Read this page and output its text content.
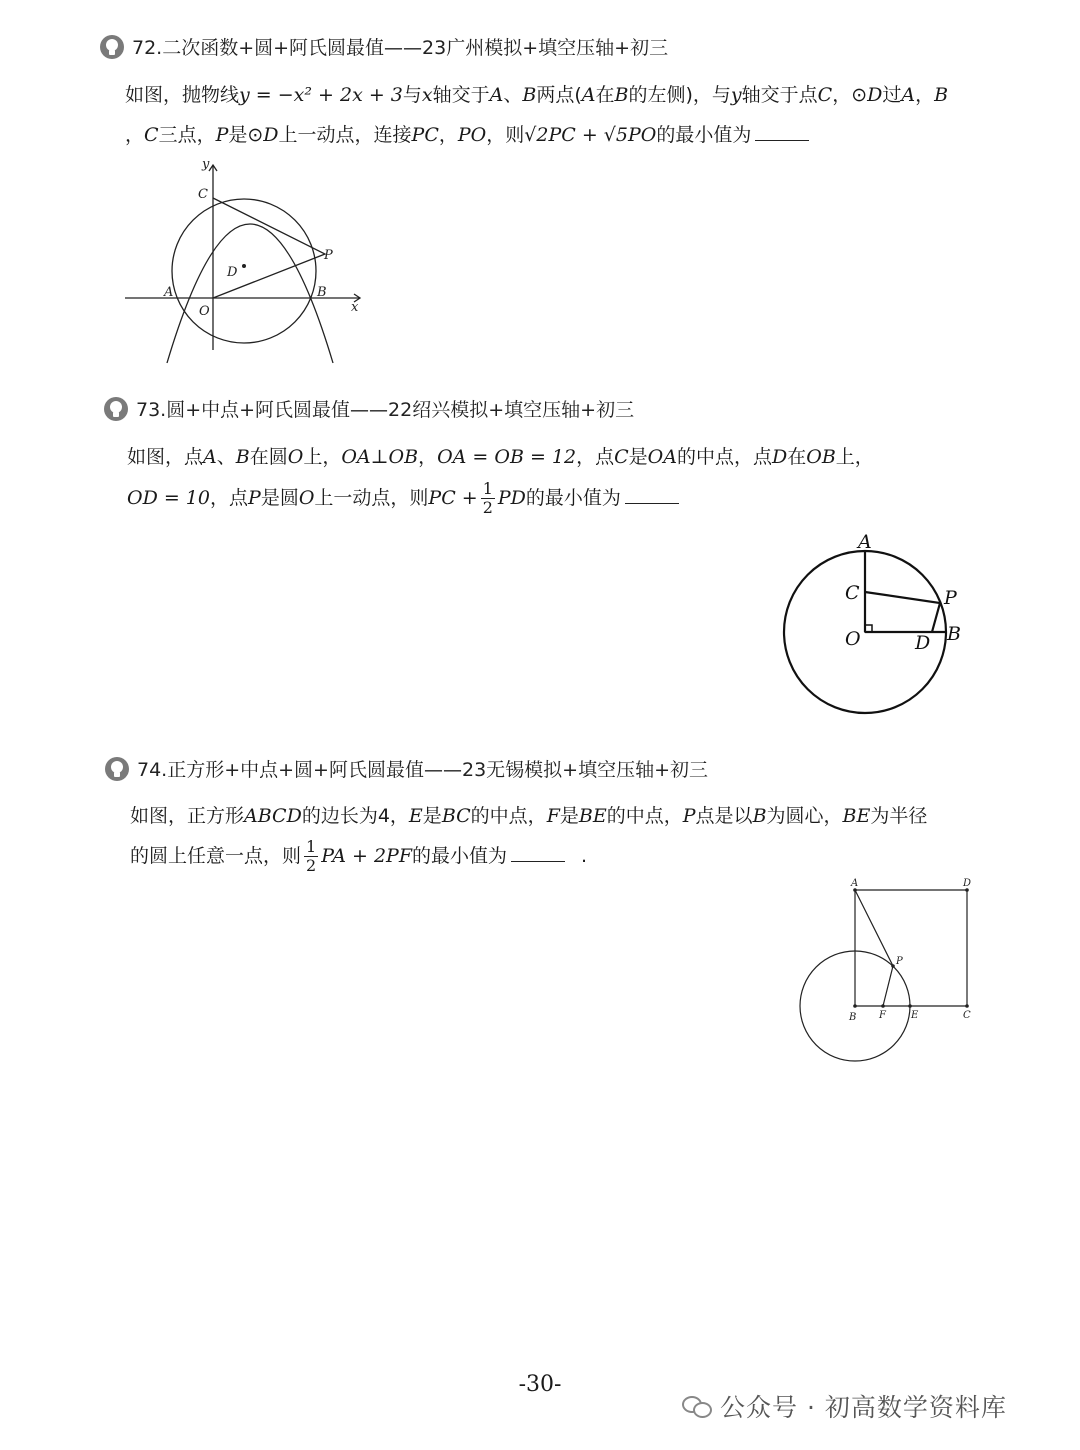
72.二次函数+圆+阿氏圆最值——23广州模拟+填空压轴+初三
如图，抛物线y = −x² + 2x + 3与x轴交于A、B两点(A在B的左侧)，与y轴交于点C，⊙D过A，B
，C三点，P是⊙D上一动点，连接PC，PO，则√2PC + √5PO的最小值为
y
x
C
P
D
A
O
B
73.圆+中点+阿氏圆最值——22绍兴模拟+填空压轴+初三
如图，点A、B在圆O上，OA⊥OB，OA = OB = 12，点C是OA的中点，点D在OB上，
OD = 10，点P是圆O上一动点，则PC + $\frac{1}{2}$ PD的最小值为
A
C	P
O	D B
74.正方形+中点+圆+阿氏圆最值——23无锡模拟+填空压轴+初三
如图，正方形ABCD的边长为4，E是BC的中点，F是BE的中点，P点是以B为圆心，BE为半径
的圆上任意一点，则 $\frac{1}{2}$ PA + 2PF的最小值为	.
A	D
P
B F	E	C
-30-
公众号 · 初高数学资料库
